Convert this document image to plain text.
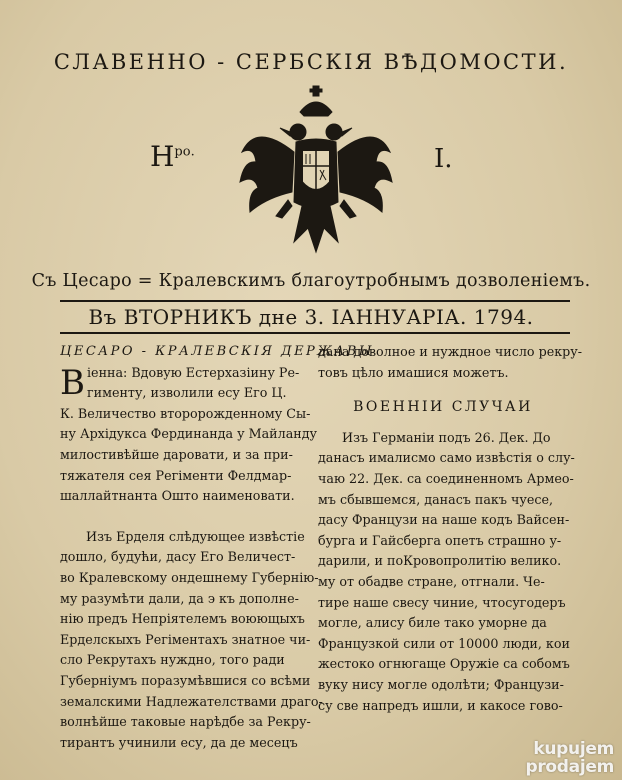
СЛАВЕННО - СЕРБСКІЯ ВѢДОМОСТИ.
$Н^{ро.}$	I.
Съ Цесаро = Кралевскимъ благоутробнымъ дозволеніемъ.
Въ ВТОРНИКЪ дне 3. ІАННУАРІА. 1794.

ЦЕСАРО - КРАЛЕВСКІЯ ДЕРЖАВЫ

В іенна: Вдовую Естерхазіину Ре-

гименту, изволили есу Его Ц.

К. Величество второрожденному Сы-

ну Архідукса Фердинанда у Майланду

милостивѣйше даровати, и за при-

тяжателя сея Регіменти Фелдмар-

шаллайтнанта Ошто наименовати.

Изъ Ерделя слѣдующее извѣстіе

дошло, будући, дасу Его Величест-

во Кралевскому ондешнему Губернію-

му разумѣти дали, да э къ дополне-

нію предъ Непріятелемъ воюющыхъ

Ерделскыхъ Регіментахъ знатное чи-

сло Рекрутахъ нуждно, того ради

Губерніумъ поразумѣвшися со всѣми

земалскими Надлежателствами драго-

волнѣйше таковые нарѣдбе за Рекру-

тирантъ учинили есу, да де месецъ

дана доволное и нуждное число рекру-

товъ цѣло имашися можетъ.

ВОЕННІИ СЛУЧАИ

Изъ Германіи подъ 26. Дек. До

данасъ ималисмо само извѣстія о слу-

чаю 22. Дек. са соединенномъ Армео-

мъ сбывшемся, данасъ пакъ чуесе,

дасу Французи на наше кодъ Вайсен-

бурга и Гайсберга опетъ страшно у-

дарили, и поКровопролитію велико.

му от обадве стране, отгнали. Че-

тире наше свесу чиние, чтосугодеръ

могле, алису биле тако уморне да

Французкой сили от 10000 люди, кои

жестоко огнюгаще Оружіе са собомъ

вуку нису могле одолѣти; Французи-

су све напредъ ишли, и какосе гово-

kupujem
prodajem
